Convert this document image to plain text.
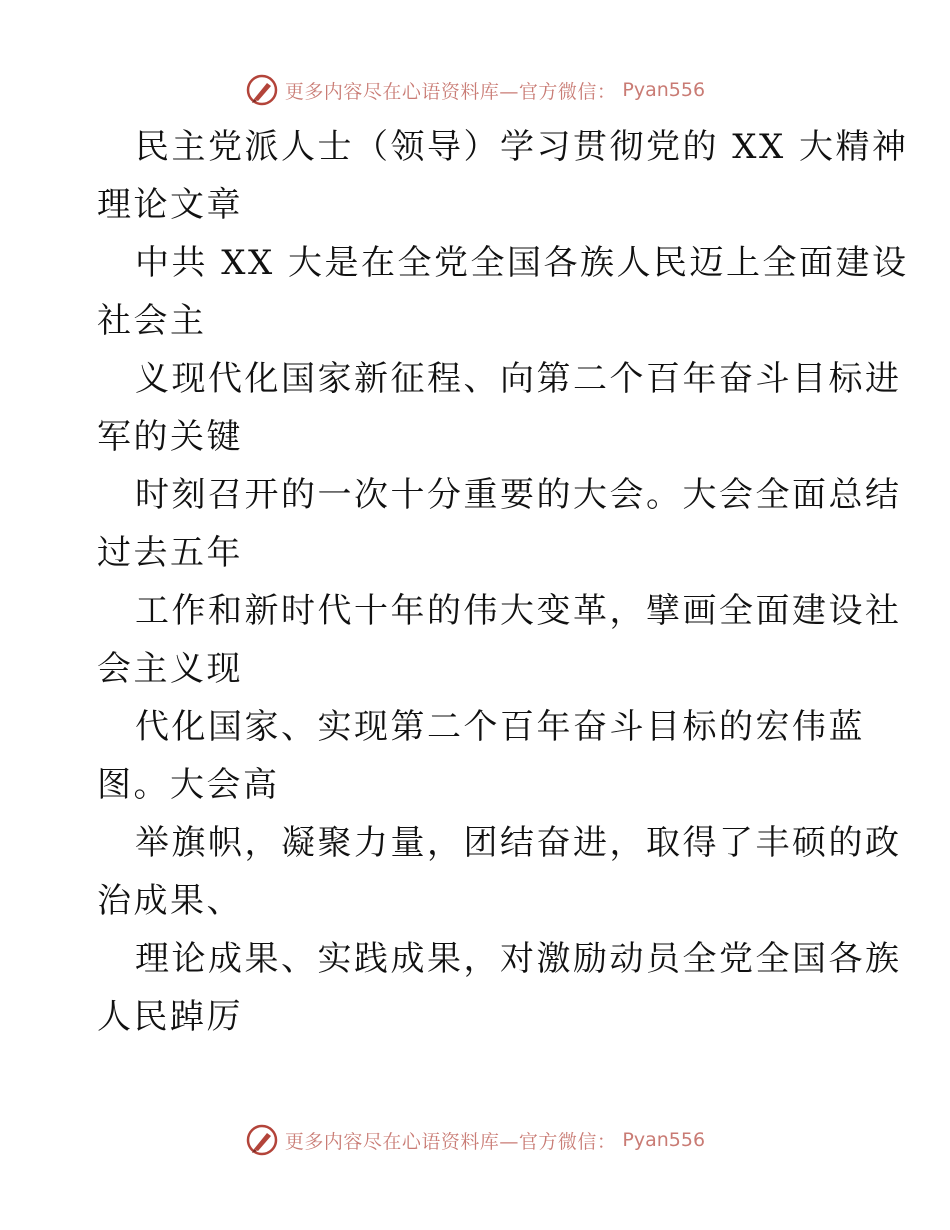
更多内容尽在心语资料库—官方微信： Pyan556
民主党派人士（领导）学习贯彻党的 XX 大精神
理论文章
中共 XX 大是在全党全国各族人民迈上全面建设
社会主
义现代化国家新征程、向第二个百年奋斗目标进
军的关键
时刻召开的一次十分重要的大会。大会全面总结
过去五年
工作和新时代十年的伟大变革，擘画全面建设社
会主义现
代化国家、实现第二个百年奋斗目标的宏伟蓝
图。大会高
举旗帜，凝聚力量，团结奋进，取得了丰硕的政
治成果、
理论成果、实践成果，对激励动员全党全国各族
人民踔厉
更多内容尽在心语资料库—官方微信： Pyan556
